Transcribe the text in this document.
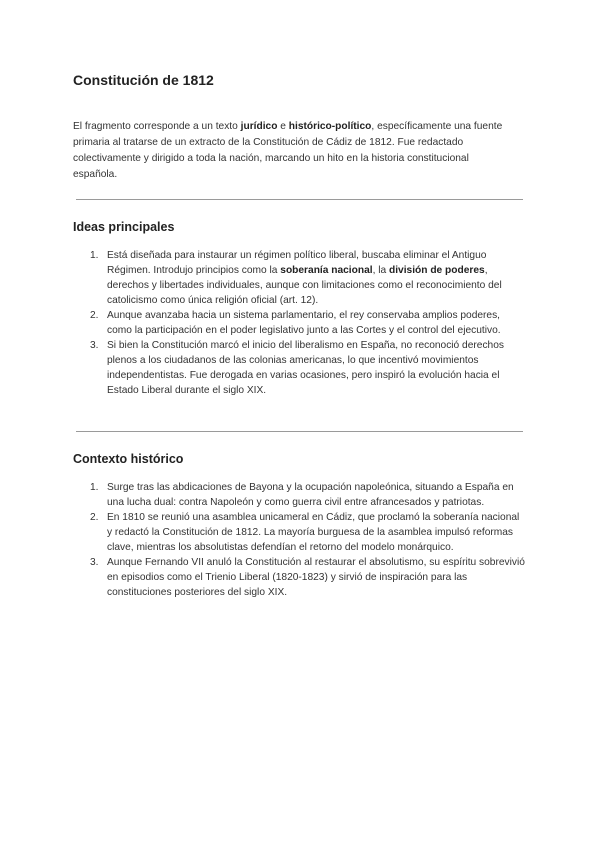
Constitución de 1812

El fragmento corresponde a un texto jurídico e histórico-político, específicamente una fuente primaria al tratarse de un extracto de la Constitución de Cádiz de 1812. Fue redactado colectivamente y dirigido a toda la nación, marcando un hito en la historia constitucional española.

Ideas principales
1. Está diseñada para instaurar un régimen político liberal, buscaba eliminar el Antiguo Régimen. Introdujo principios como la soberanía nacional, la división de poderes, derechos y libertades individuales, aunque con limitaciones como el reconocimiento del catolicismo como única religión oficial (art. 12).
2. Aunque avanzaba hacia un sistema parlamentario, el rey conservaba amplios poderes, como la participación en el poder legislativo junto a las Cortes y el control del ejecutivo.
3. Si bien la Constitución marcó el inicio del liberalismo en España, no reconoció derechos plenos a los ciudadanos de las colonias americanas, lo que incentivó movimientos independentistas. Fue derogada en varias ocasiones, pero inspiró la evolución hacia el Estado Liberal durante el siglo XIX.
Contexto histórico
1. Surge tras las abdicaciones de Bayona y la ocupación napoleónica, situando a España en una lucha dual: contra Napoleón y como guerra civil entre afrancesados y patriotas.
2. En 1810 se reunió una asamblea unicameral en Cádiz, que proclamó la soberanía nacional y redactó la Constitución de 1812. La mayoría burguesa de la asamblea impulsó reformas clave, mientras los absolutistas defendían el retorno del modelo monárquico.
3. Aunque Fernando VII anuló la Constitución al restaurar el absolutismo, su espíritu sobrevivió en episodios como el Trienio Liberal (1820-1823) y sirvió de inspiración para las constituciones posteriores del siglo XIX.
